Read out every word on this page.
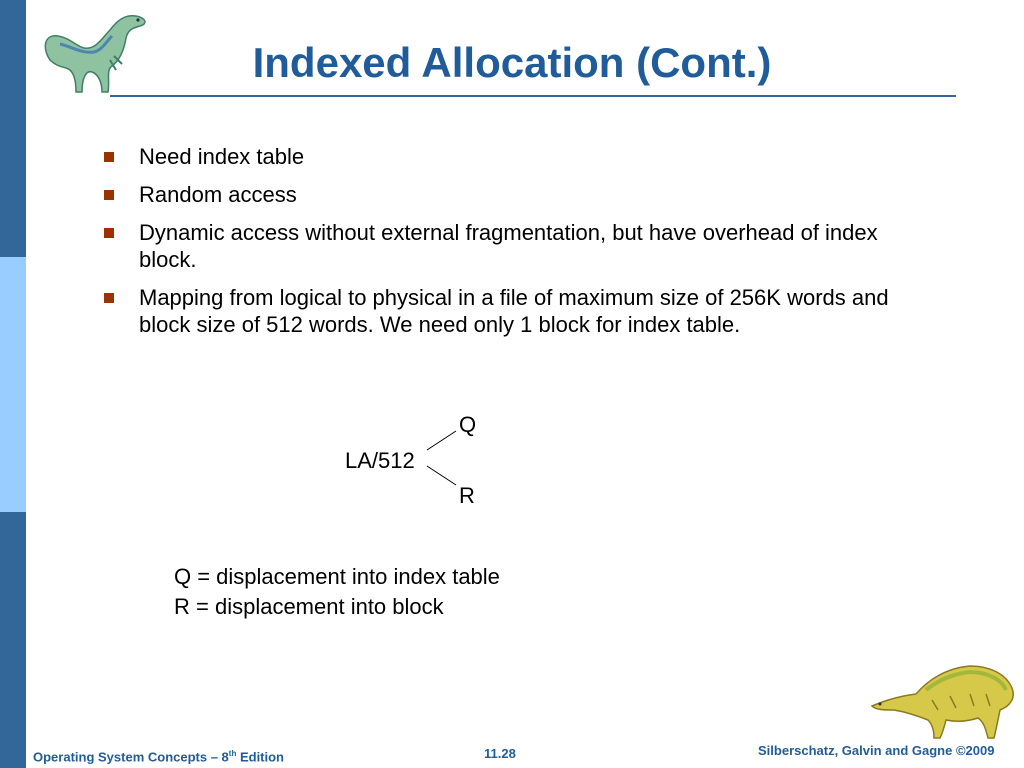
Indexed Allocation (Cont.)
Need index table
Random access
Dynamic access without external fragmentation, but have overhead of index block.
Mapping from logical to physical in a file of maximum size of 256K words and block size of 512 words. We need only 1 block for index table.
Q
LA/512
R
Q = displacement into index table
R = displacement into block
Operating System Concepts – 8th Edition	11.28	Silberschatz, Galvin and Gagne ©2009
